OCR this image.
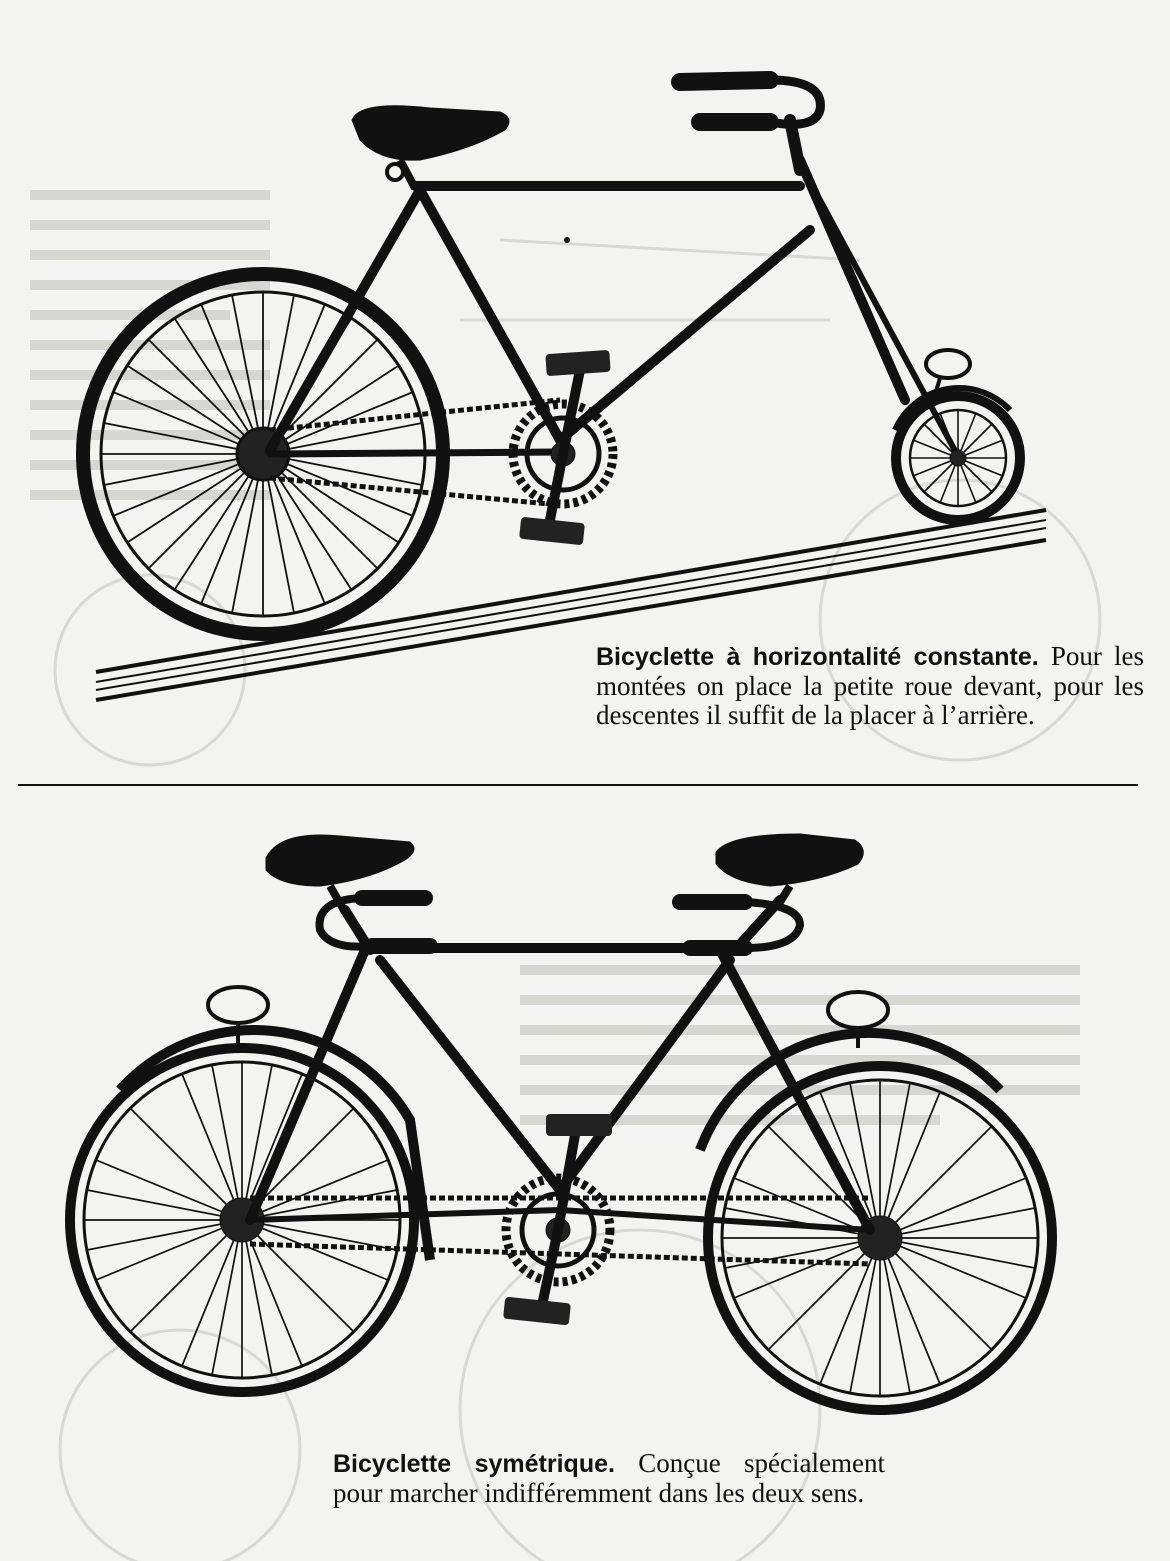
Bicyclette à horizontalité constante. Pour les montées on place la petite roue devant, pour les descentes il suffit de la placer à l’arrière.
Bicyclette symétrique. Conçue spécialement pour marcher indifféremment dans les deux sens.
